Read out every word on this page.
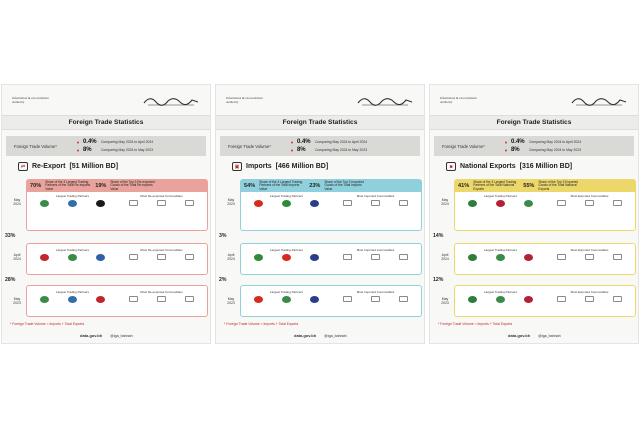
Information & eGovernment Authority
Foreign Trade Statistics
Foreign Trade Volume*
▼ 0.4%	Comparing May 2024 to April 2024
▼ 8%	Comparing May 2024 to May 2023
⇄ Re-Export [51 Million BD]
May 2024
70%
Share of the 3 Largest Trading Partners of the Total Re-exports Value	19%
Share of the Top 3 Re-exported Goods of the Total Re-exports Value
Largest Trading Partners	Most Re-exported Commodities
33%
April 2024
Largest Trading Partners	Most Re-exported Commodities
28%
May 2023
Largest Trading Partners	Most Re-exported Commodities
* Foreign Trade Volume = Imports + Total Exports
data.gov.bh @iga_bahrain
Information & eGovernment Authority
Foreign Trade Statistics
Foreign Trade Volume*
▼ 0.4%	Comparing May 2024 to April 2024
▼ 8%	Comparing May 2024 to May 2023
▣ Imports [466 Million BD]
May 2024
54%
Share of the 3 Largest Trading Partners of the Total Imports Value	23%
Share of the Top 3 Imported Goods of the Total Imports Value
Largest Trading Partners	Most Imported Commodities
3%
April 2024
Largest Trading Partners	Most Imported Commodities
2%
May 2023
Largest Trading Partners	Most Imported Commodities
* Foreign Trade Volume = Imports + Total Exports
data.gov.bh @iga_bahrain
Information & eGovernment Authority
Foreign Trade Statistics
Foreign Trade Volume*
▼ 0.4%	Comparing May 2024 to April 2024
▼ 8%	Comparing May 2024 to May 2023
■	National Exports [316 Million BD]
May 2024
41%
Share of the 3 Largest Trading Partners of the Total National Exports	55%
Share of the Top 3 Exported Goods of the Total National Exports
Largest Trading Partners	Most Exported Commodities
14%
April 2024
Largest Trading Partners	Most Exported Commodities
12%
May 2023
Largest Trading Partners	Most Exported Commodities
* Foreign Trade Volume = Imports + Total Exports
data.gov.bh @iga_bahrain
